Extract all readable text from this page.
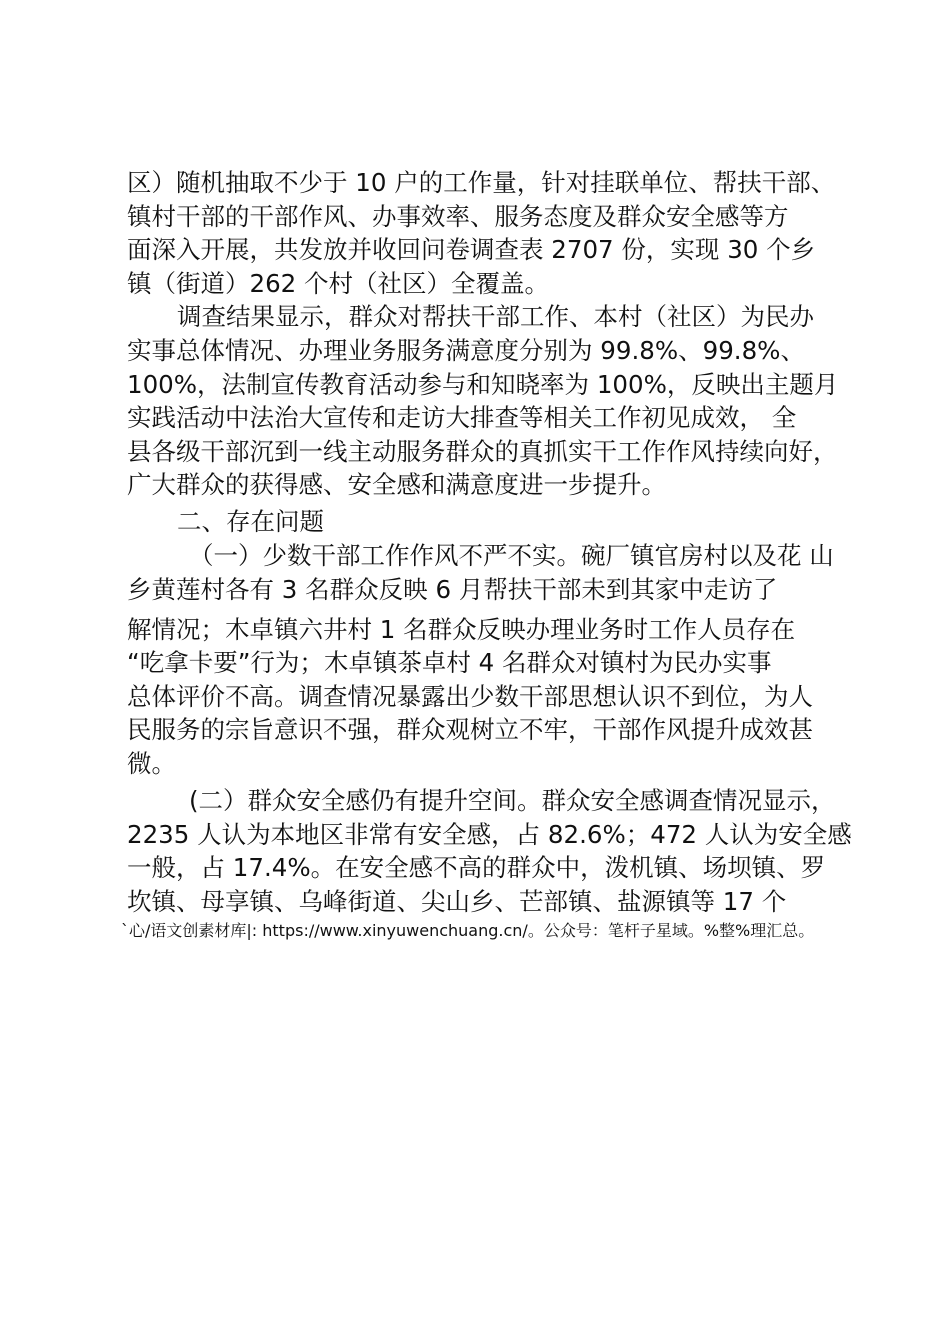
区）随机抽取不少于 10 户的工作量，针对挂联单位、帮扶干部、
镇村干部的干部作风、办事效率、服务态度及群众安全感等方
面深入开展，共发放并收回问卷调查表 2707 份，实现 30 个乡
镇（街道）262 个村（社区）全覆盖。
调查结果显示，群众对帮扶干部工作、本村（社区）为民办
实事总体情况、办理业务服务满意度分别为 99.8%、99.8%、
100%，法制宣传教育活动参与和知晓率为 100%，反映出主题月
实践活动中法治大宣传和走访大排查等相关工作初见成效， 全
县各级干部沉到一线主动服务群众的真抓实干工作作风持续向好，
广大群众的获得感、安全感和满意度进一步提升。
二、存在问题
（一）少数干部工作作风不严不实。碗厂镇官房村以及花 山
乡黄莲村各有 3 名群众反映 6 月帮扶干部未到其家中走访了
解情况；木卓镇六井村 1 名群众反映办理业务时工作人员存在
“吃拿卡要”行为；木卓镇茶卓村 4 名群众对镇村为民办实事
总体评价不高。调查情况暴露出少数干部思想认识不到位，为人
民服务的宗旨意识不强，群众观树立不牢，干部作风提升成效甚
微。
(二）群众安全感仍有提升空间。群众安全感调查情况显示，
2235 人认为本地区非常有安全感，占 82.6%；472 人认为安全感
一般，占 17.4%。在安全感不高的群众中，泼机镇、场坝镇、罗
坎镇、母享镇、乌峰街道、尖山乡、芒部镇、盐源镇等 17 个
`心/语文创素材库|: https://www.xinyuwenchuang.cn/。公众号：笔杆子星域。%整%理汇总。
